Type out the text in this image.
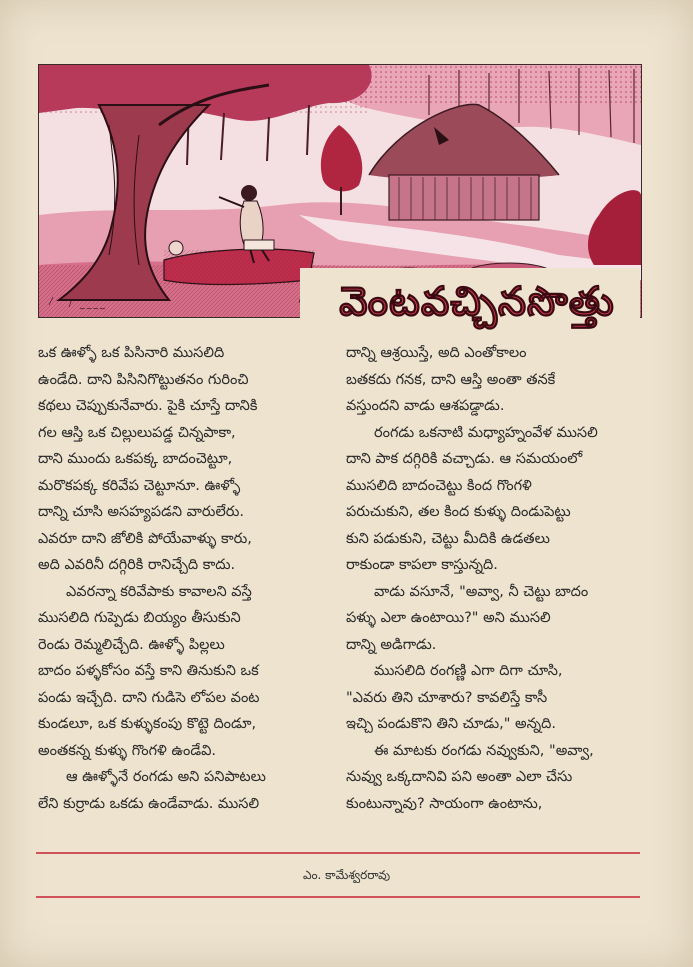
~~~~	వెంటవచ్చినసొత్తు
ఒక ఊళ్ళో ఒక పిసినారి ముసలిది
ఉండేది. దాని పిసినిగొట్టుతనం గురించి
కథలు చెప్పుకునేవారు. పైకి చూస్తే దానికి
గల ఆస్తి ఒక చిల్లులుపడ్డ చిన్నపాకా,
దాని ముందు ఒకపక్క బాదంచెట్టూ,
మరొకపక్క కరివేప చెట్టూనూ. ఊళ్ళో
దాన్ని చూసి అసహ్యపడని వారులేరు.
ఎవరూ దాని జోలికి పోయేవాళ్ళు కారు,
అది ఎవరినీ దగ్గిరికి రానిచ్చేది కాదు.
ఎవరన్నా కరివేపాకు కావాలని వస్తే
ముసలిది గుప్పెడు బియ్యం తీసుకుని
రెండు రెమ్మలిచ్చేది. ఊళ్ళో పిల్లలు
బాదం పళ్ళకోసం వస్తే కాని తినుకుని ఒక
పండు ఇచ్చేది. దాని గుడిసె లోపల వంట
కుండలూ, ఒక కుళ్ళుకంపు కొట్టె దిండూ,
అంతకన్న కుళ్ళు గొంగళి ఉండేవి.
ఆ ఊళ్ళోనే రంగడు అని పనిపాటలు
లేని కుర్రాడు ఒకడు ఉండేవాడు. ముసలి
దాన్ని ఆశ్రయిస్తే, అది ఎంతోకాలం
బతకదు గనక, దాని ఆస్తి అంతా తనకే
వస్తుందని వాడు ఆశపడ్డాడు.
రంగడు ఒకనాటి మధ్యాహ్నంవేళ ముసలి
దాని పాక దగ్గిరికి వచ్చాడు. ఆ సమయంలో
ముసలిది బాదంచెట్టు కింద గొంగళి
పరుచుకుని, తల కింద కుళ్ళు దిండుపెట్టు
కుని పడుకుని, చెట్టు మీదికి ఉడతలు
రాకుండా కాపలా కాస్తున్నది.
వాడు వసూనే, "అవ్వా, నీ చెట్టు బాదం
పళ్ళు ఎలా ఉంటాయి?" అని ముసలి
దాన్ని అడిగాడు.
ముసలిది రంగణ్ణి ఎగా దిగా చూసి,
"ఎవరు తిని చూశారు? కావలిస్తే కాసీ
ఇచ్చి పండుకొని తిని చూడు," అన్నది.
ఈ మాటకు రంగడు నవ్వుకుని, "అవ్వా,
నువ్వు ఒక్కదానివి పని అంతా ఎలా చేసు
కుంటున్నావు? సాయంగా ఉంటాను,
ఎం. కామేశ్వరరావు
